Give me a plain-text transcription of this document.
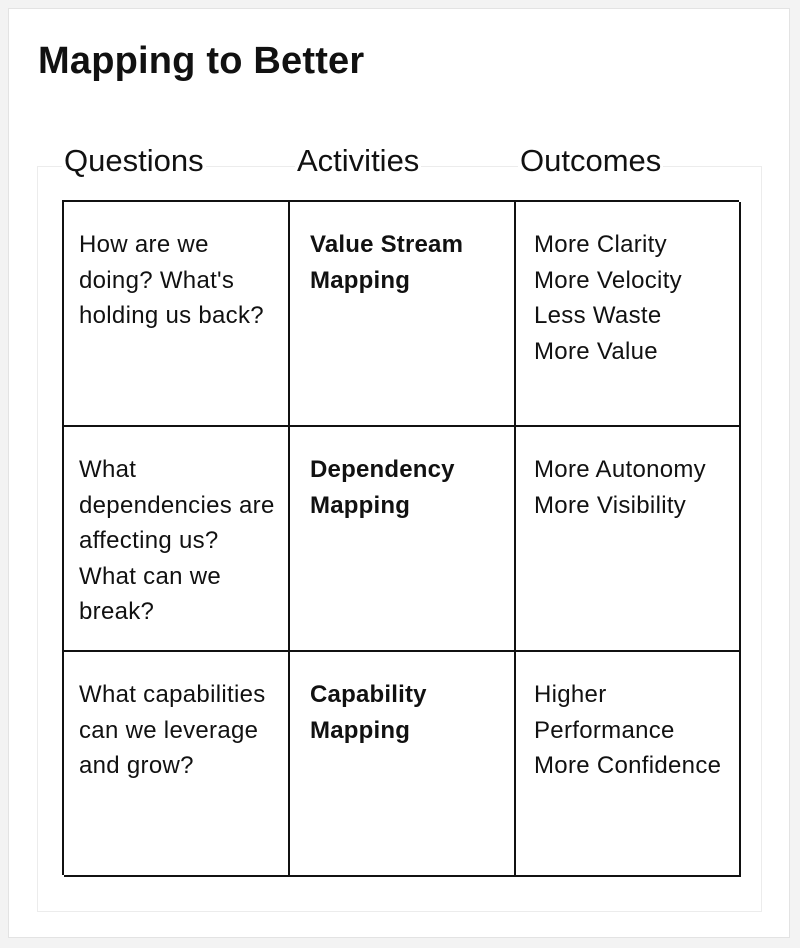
Mapping to Better
Questions	Activities	Outcomes
How are we doing? What's holding us back?
Value Stream Mapping
More Clarity
More Velocity
Less Waste
More Value
What dependencies are affecting us? What can we break?
Dependency Mapping
More Autonomy
More Visibility
What capabilities can we leverage and grow?
Capability Mapping
Higher Performance
More Confidence
